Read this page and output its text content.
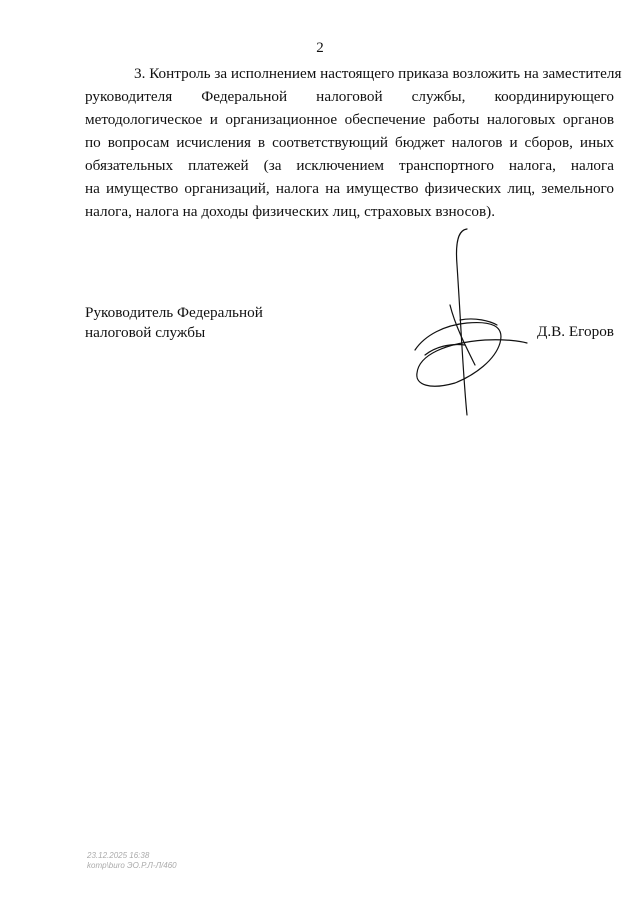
2
3. Контроль за исполнением настоящего приказа возложить на заместителя
руководителя Федеральной налоговой службы, координирующего
методологическое и организационное обеспечение работы налоговых органов
по вопросам исчисления в соответствующий бюджет налогов и сборов, иных
обязательных платежей (за исключением транспортного налога, налога
на имущество организаций, налога на имущество физических лиц, земельного
налога, налога на доходы физических лиц, страховых взносов).
Руководитель Федеральной
налоговой службы	Д.В. Егоров
23.12.2025 16:38
komp\buro ЭО.Р.Л-Л/460
